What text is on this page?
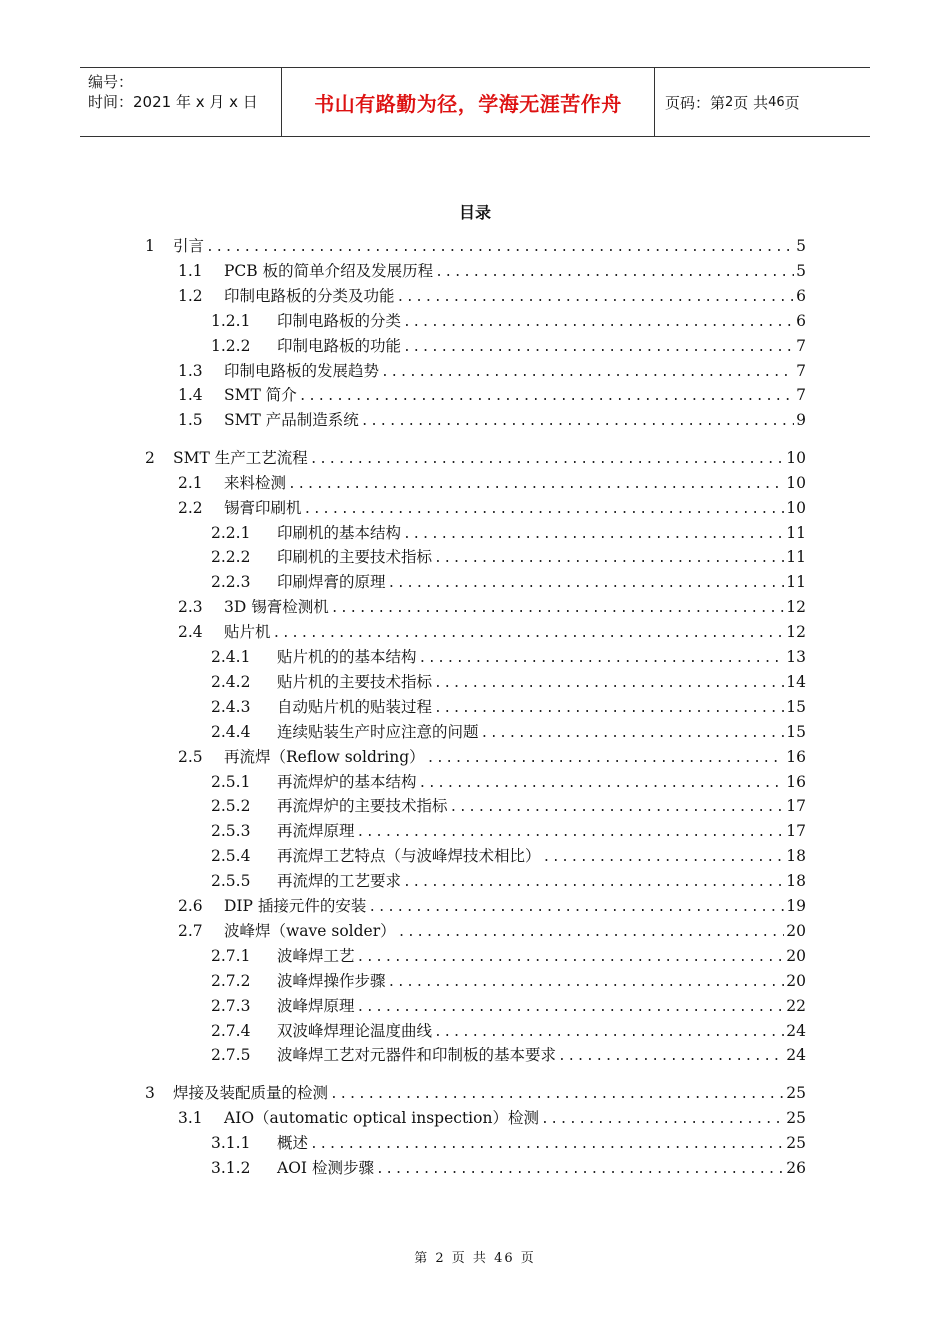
编号：
时间：2021 年 x 月 x 日	书山有路勤为径，学海无涯苦作舟	页码：第 2 页 共 46 页
目录
1	引言 .....	5
1.1	PCB 板的简单介绍及发展历程 .....	5
1.2	印制电路板的分类及功能 .....	6
1.2.1	印制电路板的分类 .....	6
1.2.2	印制电路板的功能 .....	7
1.3	印制电路板的发展趋势 .....	7
1.4	SMT 简介 .....	7
1.5	SMT 产品制造系统 .....	9
2	SMT 生产工艺流程 .....	10
2.1	来料检测 .....	10
2.2	锡膏印刷机 .....	10
2.2.1	印刷机的基本结构 .....	11
2.2.2	印刷机的主要技术指标 .....	11
2.2.3	印刷焊膏的原理 .....	11
2.3	3D 锡膏检测机 .....	12
2.4	贴片机 .....	12
2.4.1	贴片机的的基本结构 .....	13
2.4.2	贴片机的主要技术指标 .....	14
2.4.3	自动贴片机的贴装过程 .....	15
2.4.4	连续贴装生产时应注意的问题 .....	15
2.5	再流焊（Reflow soldring） .....	16
2.5.1	再流焊炉的基本结构 .....	16
2.5.2	再流焊炉的主要技术指标 .....	17
2.5.3	再流焊原理 .....	17
2.5.4	再流焊工艺特点（与波峰焊技术相比） .....	18
2.5.5	再流焊的工艺要求 .....	18
2.6	DIP 插接元件的安装 .....	19
2.7	波峰焊（wave solder） .....	20
2.7.1	波峰焊工艺 .....	20
2.7.2	波峰焊操作步骤 .....	20
2.7.3	波峰焊原理 .....	22
2.7.4	双波峰焊理论温度曲线 .....	24
2.7.5	波峰焊工艺对元器件和印制板的基本要求 .....	24
3	焊接及装配质量的检测 .....	25
3.1	AIO（automatic optical inspection）检测 .....	25
3.1.1	概述 .....	25
3.1.2	AOI 检测步骤 .....	26
第 2 页 共 46 页
